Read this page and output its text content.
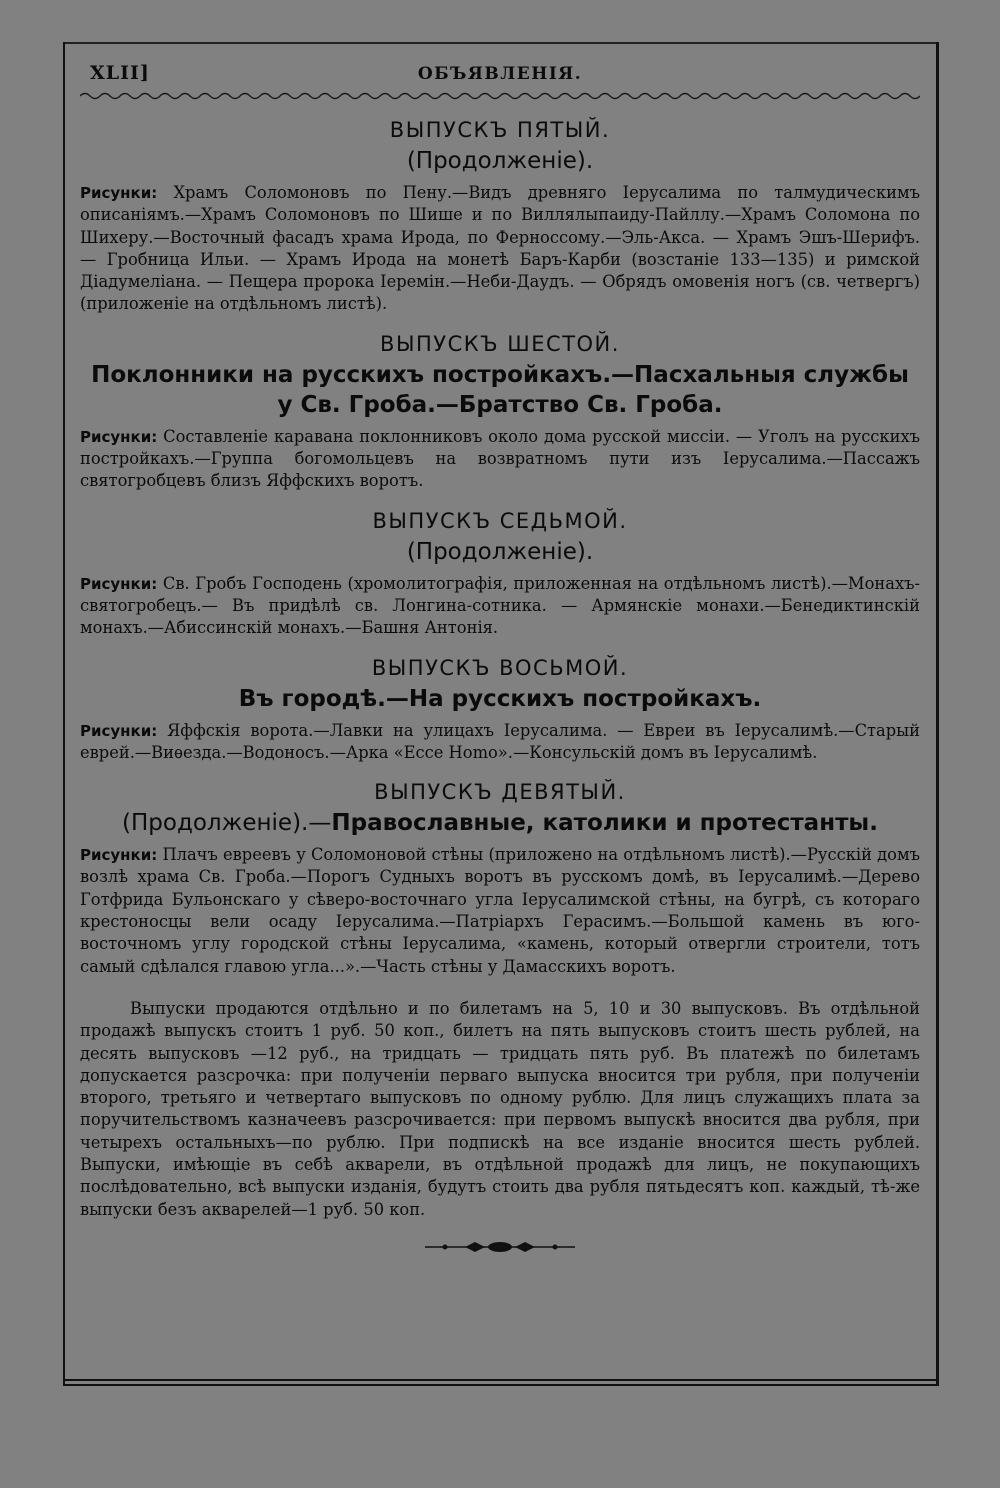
XLII]	ОБЪЯВЛЕНІЯ.
ВЫПУСКЪ ПЯТЫЙ.
(Продолженіе).

Рисунки: Храмъ Соломоновъ по Пену.—Видъ древняго Іерусалима по талмудическимъ описаніямъ.—Храмъ Соломоновъ по Шише и по Виллялыпаиду-Пайллу.—Храмъ Соломона по Шихеру.—Восточный фасадъ храма Ирода, по Ферноссому.—Эль-Акса. — Храмъ Эшъ-Шерифъ. — Гробница Ильи. — Храмъ Ирода на монетѣ Баръ-Карби (возстаніе 133—135) и римской Діадумеліана. — Пещера пророка Іеремін.—Неби-Даудъ. — Обрядъ омовенія ногъ (св. четвергъ) (приложеніе на отдѣльномъ листѣ).

ВЫПУСКЪ ШЕСТОЙ.
Поклонники на русскихъ постройкахъ.—Пасхальныя службы у Св. Гроба.—Братство Св. Гроба.

Рисунки: Составленіе каравана поклонниковъ около дома русской миссіи. — Уголъ на русскихъ постройкахъ.—Группа богомольцевъ на возвратномъ пути изъ Іерусалима.—Пассажъ святогробцевъ близъ Яффскихъ воротъ.

ВЫПУСКЪ СЕДЬМОЙ.
(Продолженіе).

Рисунки: Св. Гробъ Господень (хромолитографія, приложенная на отдѣльномъ листѣ).—Монахъ-святогробецъ.— Въ придѣлѣ св. Лонгина-сотника. — Армянскіе монахи.—Бенедиктинскій монахъ.—Абиссинскій монахъ.—Башня Антонія.

ВЫПУСКЪ ВОСЬМОЙ.
Въ городѣ.—На русскихъ постройкахъ.

Рисунки: Яффскія ворота.—Лавки на улицахъ Іерусалима. — Евреи въ Іерусалимѣ.—Старый еврей.—Виѳезда.—Водоносъ.—Арка «Ecce Homo».—Консульскій домъ въ Іерусалимѣ.

ВЫПУСКЪ ДЕВЯТЫЙ.
(Продолженіе).—Православные, католики и протестанты.

Рисунки: Плачъ евреевъ у Соломоновой стѣны (приложено на отдѣльномъ листѣ).—Русскій домъ возлѣ храма Св. Гроба.—Порогъ Судныхъ воротъ въ русскомъ домѣ, въ Іерусалимѣ.—Дерево Готфрида Бульонскаго у сѣверо-восточнаго угла Іерусалимской стѣны, на бугрѣ, съ котораго крестоносцы вели осаду Іерусалима.—Патріархъ Герасимъ.—Большой камень въ юго-восточномъ углу городской стѣны Іерусалима, «камень, который отвергли строители, тотъ самый сдѣлался главою угла...».—Часть стѣны у Дамасскихъ воротъ.

Выпуски продаются отдѣльно и по билетамъ на 5, 10 и 30 выпусковъ. Въ отдѣльной продажѣ выпускъ стоитъ 1 руб. 50 коп., билетъ на пять выпусковъ стоитъ шесть рублей, на десять выпусковъ —12 руб., на тридцать — тридцать пять руб. Въ платежѣ по билетамъ допускается разсрочка: при полученіи перваго выпуска вносится три рубля, при полученіи второго, третьяго и четвертаго выпусковъ по одному рублю. Для лицъ служащихъ плата за поручительствомъ казначеевъ разсрочивается: при первомъ выпускѣ вносится два рубля, при четырехъ остальныхъ—по рублю. При подпискѣ на все изданіе вносится шесть рублей. Выпуски, имѣющіе въ себѣ акварели, въ отдѣльной продажѣ для лицъ, не покупающихъ послѣдовательно, всѣ выпуски изданія, будутъ стоить два рубля пятьдесятъ коп. каждый, тѣ-же выпуски безъ акварелей—1 руб. 50 коп.
